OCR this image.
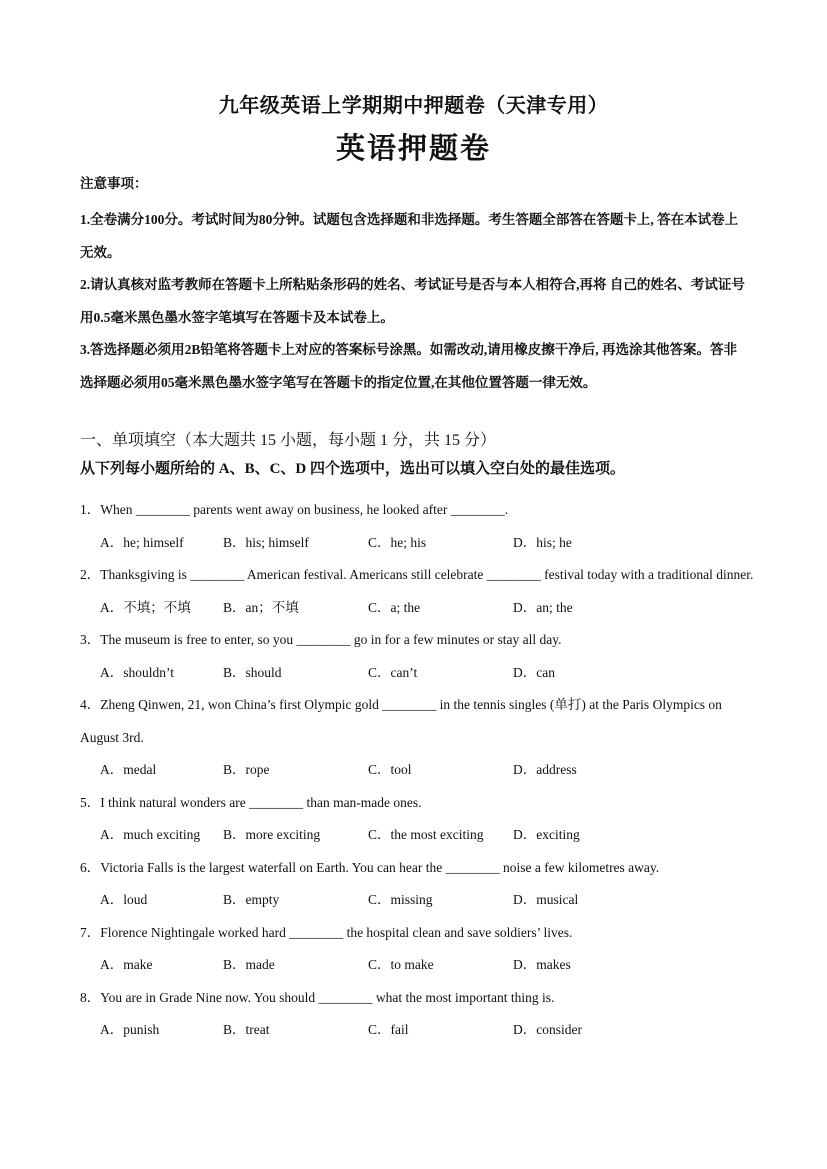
九年级英语上学期期中押题卷（天津专用）
英语押题卷
注意事项：
1.全卷满分100分。考试时间为80分钟。试题包含选择题和非选择题。考生答题全部答在答题卡上, 答在本试卷上无效。
2.请认真核对监考教师在答题卡上所粘贴条形码的姓名、考试证号是否与本人相符合,再将 自己的姓名、考试证号用0.5毫米黑色墨水签字笔填写在答题卡及本试卷上。
3.答选择题必须用2B铅笔将答题卡上对应的答案标号涂黑。如需改动,请用橡皮擦干净后, 再选涂其他答案。答非选择题必须用05毫米黑色墨水签字笔写在答题卡的指定位置,在其他位置答题一律无效。
一、单项填空（本大题共 15 小题，每小题 1 分，共 15 分）
从下列每小题所给的 A、B、C、D 四个选项中，选出可以填入空白处的最佳选项。
1．When ________ parents went away on business, he looked after ________.
A．he; himself	B．his; himself	C．he; his	D．his; he
2．Thanksgiving is ________ American festival. Americans still celebrate ________ festival today with a traditional dinner.
A．不填；不填	B．an；不填	C．a; the	D．an; the
3．The museum is free to enter, so you ________ go in for a few minutes or stay all day.
A．shouldn’t	B．should	C．can’t	D．can
4．Zheng Qinwen, 21, won China’s first Olympic gold ________ in the tennis singles (单打) at the Paris Olympics on August 3rd.
A．medal	B．rope	C．tool	D．address
5．I think natural wonders are ________ than man-made ones.
A．much exciting	B．more exciting	C．the most exciting	D．exciting
6．Victoria Falls is the largest waterfall on Earth. You can hear the ________ noise a few kilometres away.
A．loud	B．empty	C．missing	D．musical
7．Florence Nightingale worked hard ________ the hospital clean and save soldiers’ lives.
A．make	B．made	C．to make	D．makes
8．You are in Grade Nine now. You should ________ what the most important thing is.
A．punish	B．treat	C．fail	D．consider
